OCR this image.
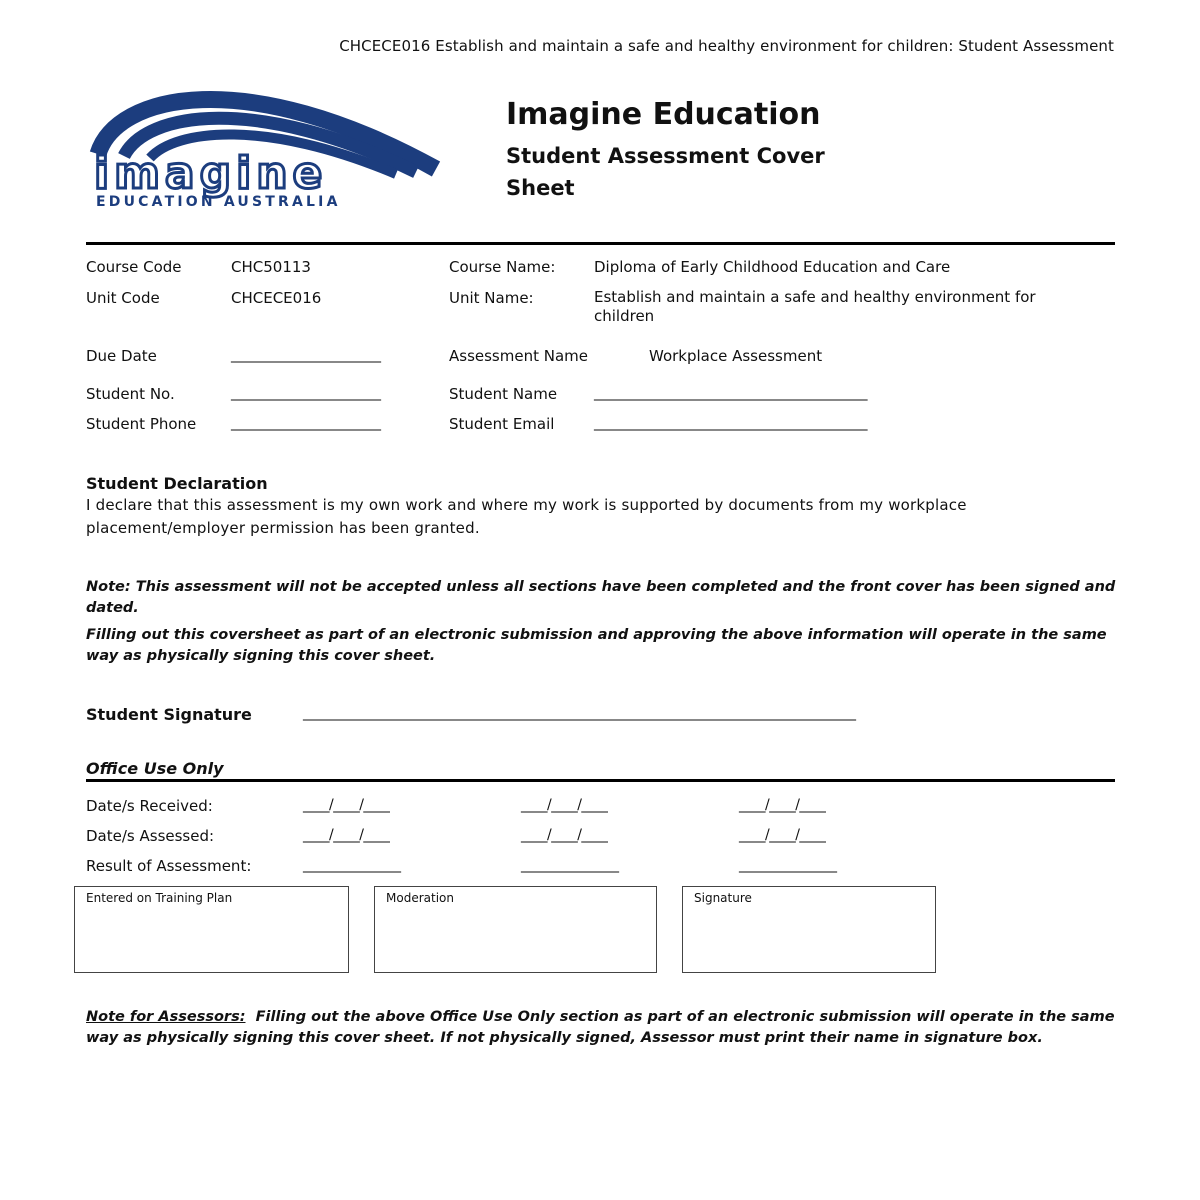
CHCECE016 Establish and maintain a safe and healthy environment for children: Student Assessment
imagine
EDUCATION AUSTRALIA
Imagine Education
Student Assessment Cover Sheet
Course Code	CHC50113	Course Name:	Diploma of Early Childhood Education and Care
Unit Code	CHCECE016	Unit Name:	Establish and maintain a safe and healthy environment for children
Due Date	_______________________	Assessment Name	Workplace Assessment
Student No.	_______________________	Student Name	__________________________________________
Student Phone _______________________	Student Email	__________________________________________
Student Declaration
I declare that this assessment is my own work and where my work is supported by documents from my workplace placement/employer permission has been granted.
Note: This assessment will not be accepted unless all sections have been completed and the front cover has been signed and dated.
Filling out this coversheet as part of an electronic submission and approving the above information will operate in the same way as physically signing this cover sheet.
Student Signature	_____________________________________________________________________________________
Office Use Only
Date/s Received:	____/____/____	____/____/____	____/____/____
Date/s Assessed:	____/____/____	____/____/____	____/____/____
Result of Assessment:	_______________	_______________	_______________
Entered on Training Plan	Moderation	Signature
Note for Assessors:  Filling out the above Office Use Only section as part of an electronic submission will operate in the same way as physically signing this cover sheet. If not physically signed, Assessor must print their name in signature box.
